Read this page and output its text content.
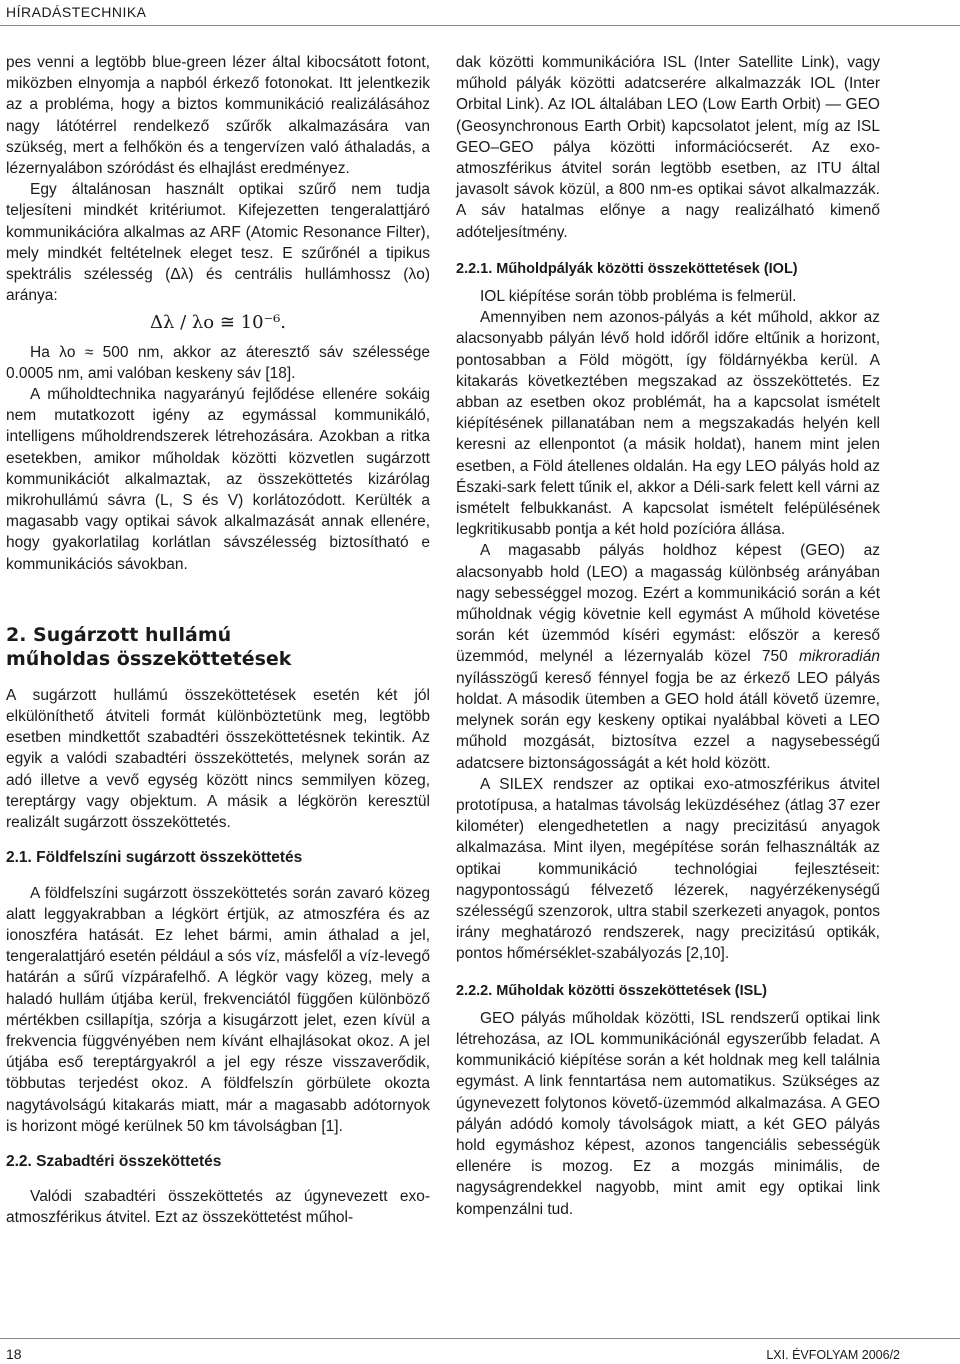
HÍRADÁSTECHNIKA

pes venni a legtöbb blue-green lézer által kibocsátott fotont, miközben elnyomja a napból érkező fotonokat. Itt jelentkezik az a probléma, hogy a biztos kommunikáció realizálásához nagy látótérrel rendelkező szűrők alkalmazására van szükség, mert a felhőkön és a tengervízen való áthaladás, a lézernyalábon szóródást és elhajlást eredményez.

Egy általánosan használt optikai szűrő nem tudja teljesíteni mindkét kritériumot. Kifejezetten tengeralattjáró kommunikációra alkalmas az ARF (Atomic Resonance Filter), mely mindkét feltételnek eleget tesz. E szűrőnél a tipikus spektrális szélesség (Δλ) és centrális hullámhossz (λo) aránya:

Δλ / λo ≅ 10⁻⁶.

Ha λo ≈ 500 nm, akkor az áteresztő sáv szélessége 0.0005 nm, ami valóban keskeny sáv [18].

A műholdtechnika nagyarányú fejlődése ellenére sokáig nem mutatkozott igény az egymással kommunikáló, intelligens műholdrendszerek létrehozására. Azokban a ritka esetekben, amikor műholdak közötti közvetlen sugárzott kommunikációt alkalmaztak, az összeköttetés kizárólag mikrohullámú sávra (L, S és V) korlátozódott. Kerülték a magasabb vagy optikai sávok alkalmazását annak ellenére, hogy gyakorlatilag korlátlan sávszélesség biztosítható e kommunikációs sávokban.

2. Sugárzott hullámú
műholdas összeköttetések

A sugárzott hullámú összeköttetések esetén két jól elkülöníthető átviteli formát különböztetünk meg, legtöbb esetben mindkettőt szabadtéri összeköttetésnek tekintik. Az egyik a valódi szabadtéri összeköttetés, melynek során az adó illetve a vevő egység között nincs semmilyen közeg, tereptárgy vagy objektum. A másik a légkörön keresztül realizált sugárzott összeköttetés.

2.1. Földfelszíni sugárzott összeköttetés

A földfelszíni sugárzott összeköttetés során zavaró közeg alatt leggyakrabban a légkört értjük, az atmoszféra és az ionoszféra hatását. Ez lehet bármi, amin áthalad a jel, tengeralattjáró esetén például a sós víz, másfelől a víz-levegő határán a sűrű vízpárafelhő. A légkör vagy közeg, mely a haladó hullám útjába kerül, frekvenciától függően különböző mértékben csillapítja, szórja a kisugárzott jelet, ezen kívül a frekvencia függvényében nem kívánt elhajlásokat okoz. A jel útjába eső tereptárgyakról a jel egy része visszaverődik, többutas terjedést okoz. A földfelszín görbülete okozta nagytávolságú kitakarás miatt, már a magasabb adótornyok is horizont mögé kerülnek 50 km távolságban [1].

2.2. Szabadtéri összeköttetés

Valódi szabadtéri összeköttetés az úgynevezett exo-atmoszférikus átvitel. Ezt az összeköttetést műhol-

dak közötti kommunikációra ISL (Inter Satellite Link), vagy műhold pályák közötti adatcserére alkalmazzák IOL (Inter Orbital Link). Az IOL általában LEO (Low Earth Orbit) — GEO (Geosynchronous Earth Orbit) kapcsolatot jelent, míg az ISL GEO–GEO pálya közötti információcserét. Az exo-atmoszférikus átvitel során legtöbb esetben, az ITU által javasolt sávok közül, a 800 nm-es optikai sávot alkalmazzák. A sáv hatalmas előnye a nagy realizálható kimenő adóteljesítmény.

2.2.1. Műholdpályák közötti összeköttetések (IOL)

IOL kiépítése során több probléma is felmerül.

Amennyiben nem azonos-pályás a két műhold, akkor az alacsonyabb pályán lévő hold időről időre eltűnik a horizont, pontosabban a Föld mögött, így földárnyékba kerül. A kitakarás következtében megszakad az összeköttetés. Ez abban az esetben okoz problémát, ha a kapcsolat ismételt kiépítésének pillanatában nem a megszakadás helyén kell keresni az ellenpontot (a másik holdat), hanem mint jelen esetben, a Föld átellenes oldalán. Ha egy LEO pályás hold az Északi-sark felett tűnik el, akkor a Déli-sark felett kell várni az ismételt felbukkanást. A kapcsolat ismételt felépülésének legkritikusabb pontja a két hold pozícióra állása.

A magasabb pályás holdhoz képest (GEO) az alacsonyabb hold (LEO) a magasság különbség arányában nagy sebességgel mozog. Ezért a kommunikáció során a két műholdnak végig követnie kell egymást A műhold követése során két üzemmód kíséri egymást: először a kereső üzemmód, melynél a lézernyaláb közel 750 mikroradián nyílásszögű kereső fénnyel fogja be az érkező LEO pályás holdat. A második ütemben a GEO hold átáll követő üzemre, melynek során egy keskeny optikai nyalábbal követi a LEO műhold mozgását, biztosítva ezzel a nagysebességű adatcsere biztonságosságát a két hold között.

A SILEX rendszer az optikai exo-atmoszférikus átvitel prototípusa, a hatalmas távolság leküzdéséhez (átlag 37 ezer kilométer) elengedhetetlen a nagy precizitású anyagok alkalmazása. Mint ilyen, megépítése során felhasználták az optikai kommunikáció technológiai fejlesztéseit: nagypontosságú félvezető lézerek, nagyérzékenységű szélességű szenzorok, ultra stabil szerkezeti anyagok, pontos irány meghatározó rendszerek, nagy precizitású optikák, pontos hőmérséklet-szabályozás [2,10].

2.2.2. Műholdak közötti összeköttetések (ISL)

GEO pályás műholdak közötti, ISL rendszerű optikai link létrehozása, az IOL kommunikációnál egyszerűbb feladat. A kommunikáció kiépítése során a két holdnak meg kell találnia egymást. A link fenntartása nem automatikus. Szükséges az úgynevezett folytonos követő-üzemmód alkalmazása. A GEO pályán adódó komoly távolságok miatt, a két GEO pályás hold egymáshoz képest, azonos tangenciális sebességük ellenére is mozog. Ez a mozgás minimális, de nagyságrendekkel nagyobb, mint amit egy optikai link kompenzálni tud.

18	LXI. ÉVFOLYAM 2006/2
